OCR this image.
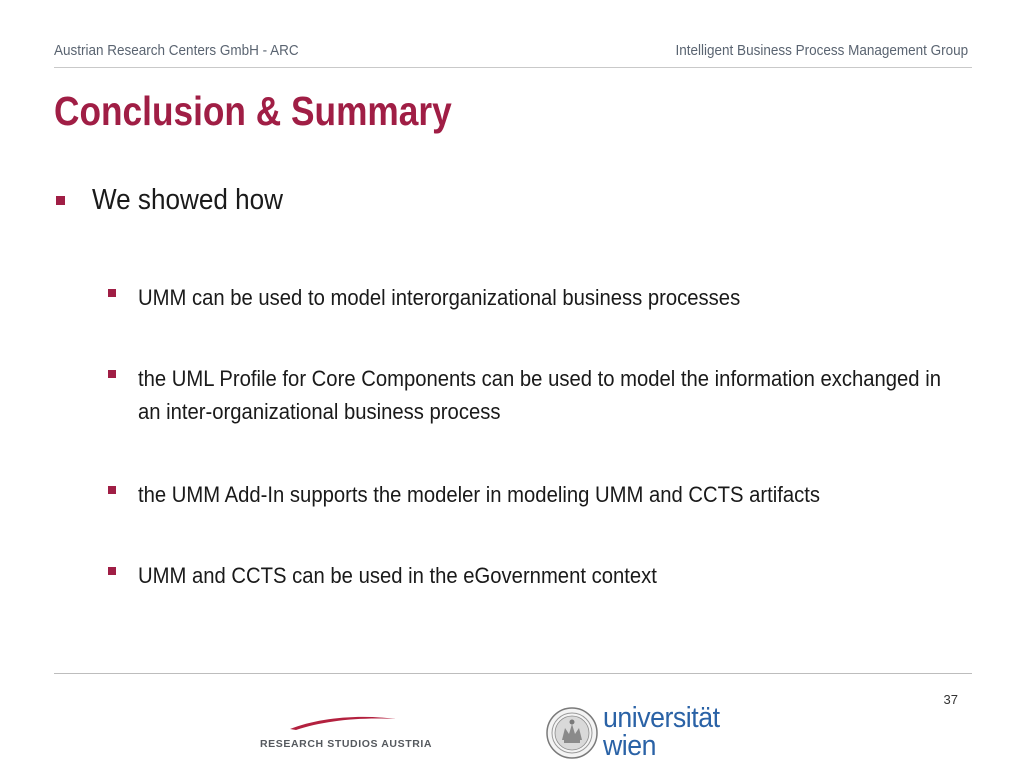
Austrian Research Centers GmbH - ARC	Intelligent Business Process Management Group
Conclusion & Summary
We showed how
UMM can be used to model interorganizational business processes
the UML Profile for Core Components can be used to model the information exchanged in an inter-organizational business process
the UMM Add-In supports the modeler in modeling UMM and CCTS artifacts
UMM and CCTS can be used in the eGovernment context
37
RESEARCH STUDIOS AUSTRIA
universität wien
